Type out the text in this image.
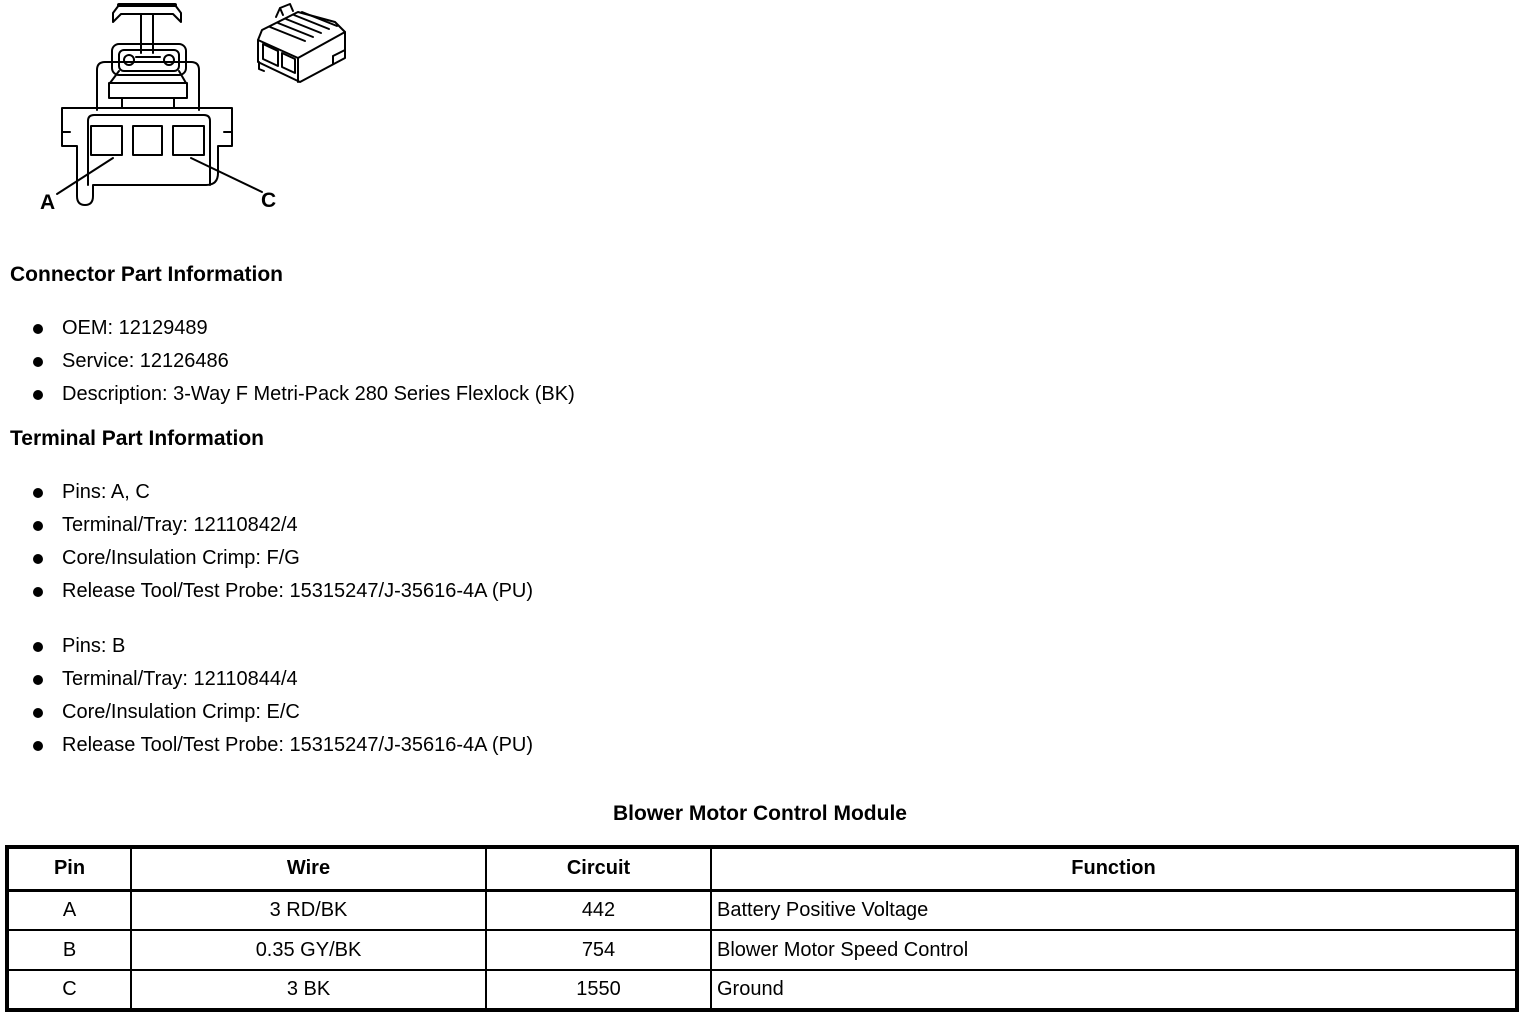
A	C
Connector Part Information
OEM: 12129489
Service: 12126486
Description: 3-Way F Metri-Pack 280 Series Flexlock (BK)
Terminal Part Information
Pins: A, C
Terminal/Tray: 12110842/4
Core/Insulation Crimp: F/G
Release Tool/Test Probe: 15315247/J-35616-4A (PU)
Pins: B
Terminal/Tray: 12110844/4
Core/Insulation Crimp: E/C
Release Tool/Test Probe: 15315247/J-35616-4A (PU)
Blower Motor Control Module
Pin	Wire	Circuit	Function
A	3 RD/BK	442	Battery Positive Voltage
B	0.35 GY/BK	754	Blower Motor Speed Control
C	3 BK	1550	Ground
